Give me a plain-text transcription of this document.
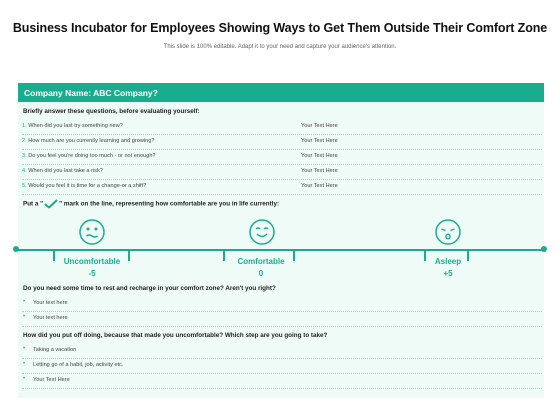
Business Incubator for Employees Showing Ways to Get Them Outside Their Comfort Zone
This slide is 100% editable. Adapt it to your need and capture your audience's attention.
Company Name: ABC Company?
Briefly answer these questions, before evaluating yourself:
1. When did you last try something new?	Your Text Here
2. How much are you currently learning and growing?	Your Text Here
3. Do you feel you're doing too much - or not enough?	Your Text Here
4. When did you last take a risk?	Your Text Here
5. Would you feel it is time for a change-or a shift?	Your Text Here
Put a "	" mark on the line, representing how comfortable are you in life currently:
Uncomfortable
-5
Comfortable
0
Asleep
+5
Do you need some time to rest and recharge in your comfort zone? Aren't you right?
• Your text here
• Your text here
How did you put off doing, because that made you uncomfortable? Which step are you going to take?
• Taking a vacation
• Letting go of a habit, job, activity etc.
• Your Text Here
